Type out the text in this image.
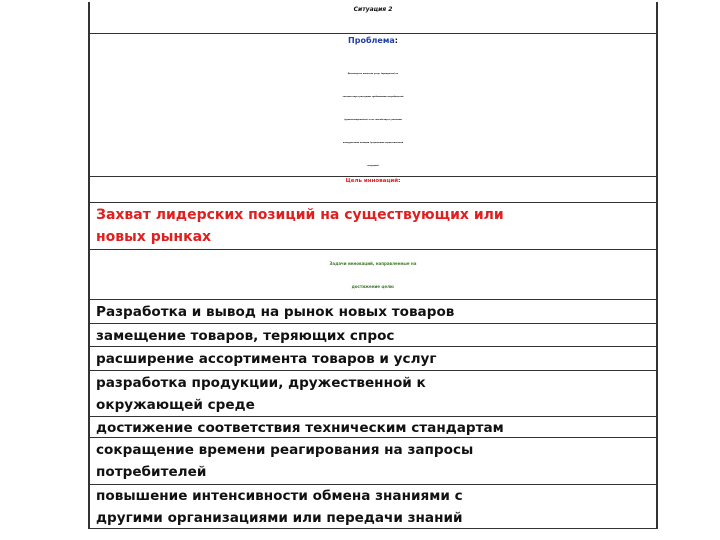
Ситуация 2
Проблема:
Достигнутое качество услуг (продуктов) не
соответствует растущим требованиям потребителей
(удовлетворенность) и не способствует усилению
конкурентной позиции (улучшению стратегической
ситуации)
Цель инноваций:
Захват лидерских позиций на существующих или
новых рынках
Задачи инноваций, направленные на
достижение цели:
Разработка и вывод на рынок новых товаров
замещение товаров, теряющих спрос
расширение ассортимента товаров и услуг
разработка продукции, дружественной к
окружающей среде
достижение соответствия техническим стандартам
сокращение времени реагирования на запросы
потребителей
повышение интенсивности обмена знаниями с
другими организациями или передачи знаний
